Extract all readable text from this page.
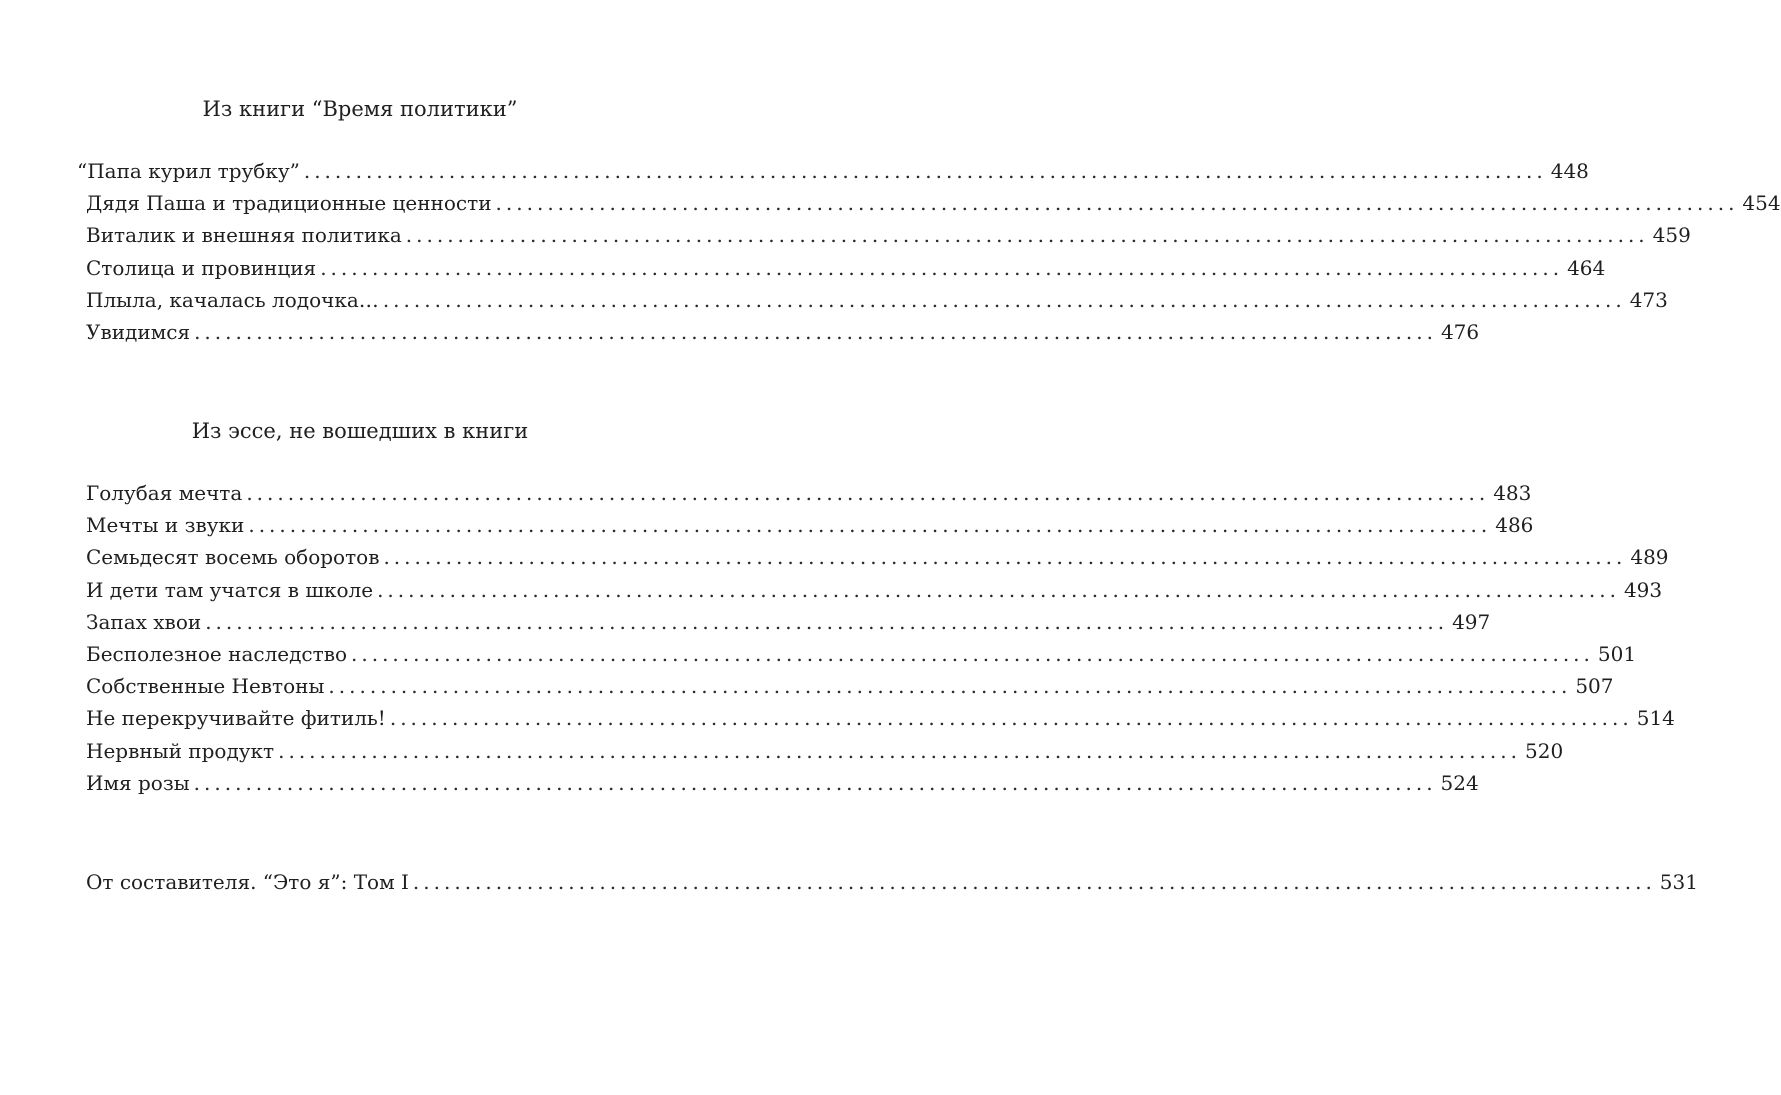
Из книги “Время политики”
“Папа курил трубку” ........................................................................................................................ 448
Дядя Паша и традиционные ценности ........................................................................................................................ 454
Виталик и внешняя политика ........................................................................................................................ 459
Столица и провинция ........................................................................................................................ 464
Плыла, качалась лодочка… ........................................................................................................................ 473
Увидимся ........................................................................................................................ 476
Из эссе, не вошедших в книги
Голубая мечта ........................................................................................................................ 483
Мечты и звуки ........................................................................................................................ 486
Семьдесят восемь оборотов ........................................................................................................................ 489
И дети там учатся в школе ........................................................................................................................ 493
Запах хвои ........................................................................................................................ 497
Бесполезное наследство ........................................................................................................................ 501
Собственные Невтоны ........................................................................................................................ 507
Не перекручивайте фитиль! ........................................................................................................................ 514
Нервный продукт ........................................................................................................................ 520
Имя розы ........................................................................................................................ 524
От составителя. “Это я”: Том I ........................................................................................................................ 531
